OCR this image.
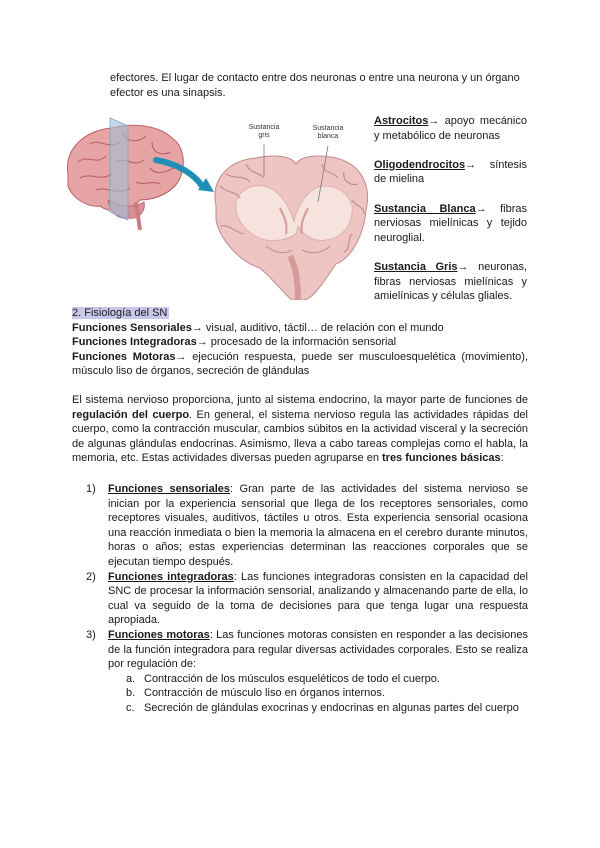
efectores. El lugar de contacto entre dos neuronas o entre una neurona y un órgano

efector es una sinapsis.

Sustancia
gris
Sustancia
blanca

Astrocitos→ apoyo mecánico y metabólico de neuronas

Oligodendrocitos→ síntesis de mielina

Sustancia Blanca→ fibras nerviosas mielínicas y tejido neuroglial.

Sustancia Gris→ neuronas, fibras nerviosas mielínicas y amielínicas y células gliales.

2. Fisiología del SN

Funciones Sensoriales→ visual, auditivo, táctil… de relación con el mundo

Funciones Integradoras→ procesado de la información sensorial

Funciones Motoras→ ejecución respuesta, puede ser musculoesquelética (movimiento), músculo liso de órganos, secreción de glándulas

El sistema nervioso proporciona, junto al sistema endocrino, la mayor parte de funciones de regulación del cuerpo. En general, el sistema nervioso regula las actividades rápidas del cuerpo, como la contracción muscular, cambios súbitos en la actividad visceral y la secreción de algunas glándulas endocrinas. Asimismo, lleva a cabo tareas complejas como el habla, la memoria, etc. Estas actividades diversas pueden agruparse en tres funciones básicas:

1) Funciones sensoriales: Gran parte de las actividades del sistema nervioso se inician por la experiencia sensorial que llega de los receptores sensoriales, como receptores visuales, auditivos, táctiles u otros. Esta experiencia sensorial ocasiona una reacción inmediata o bien la memoria la almacena en el cerebro durante minutos, horas o años; estas experiencias determinan las reacciones corporales que se ejecutan tiempo después.
2) Funciones integradoras: Las funciones integradoras consisten en la capacidad del SNC de procesar la información sensorial, analizando y almacenando parte de ella, lo cual va seguido de la toma de decisiones para que tenga lugar una respuesta apropiada.
3) Funciones motoras: Las funciones motoras consisten en responder a las decisiones de la función integradora para regular diversas actividades corporales. Esto se realiza por regulación de:
a. Contracción de los músculos esqueléticos de todo el cuerpo.
b. Contracción de músculo liso en órganos internos.
c. Secreción de glándulas exocrinas y endocrinas en algunas partes del cuerpo
